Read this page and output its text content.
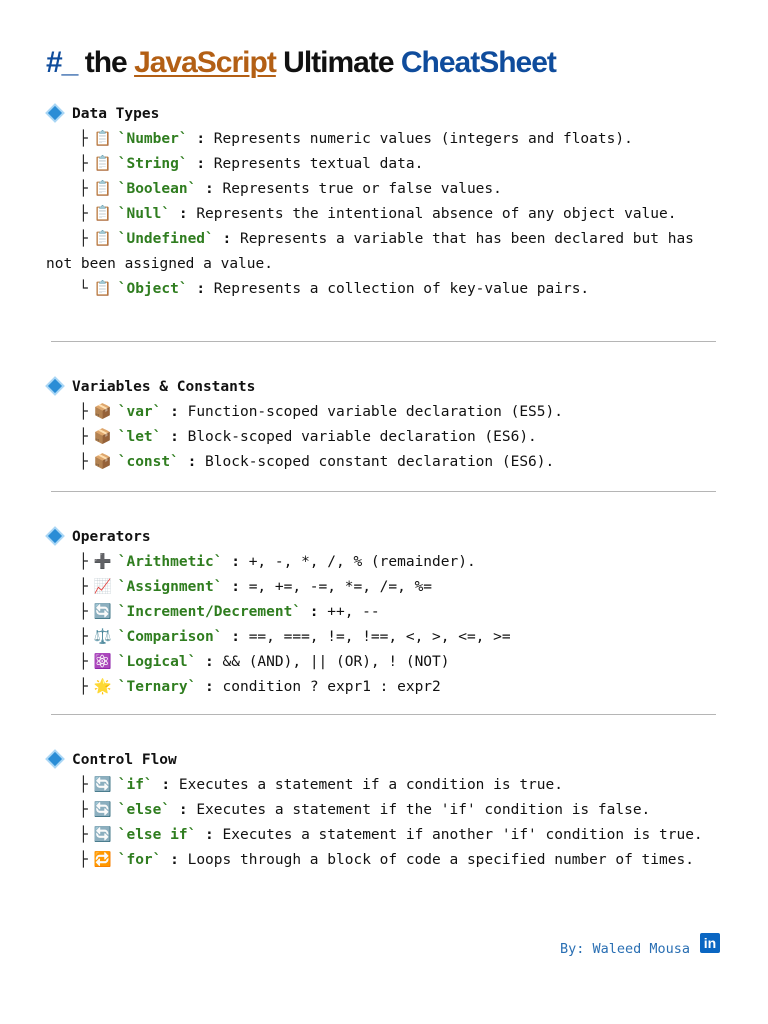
#_ the JavaScript Ultimate CheatSheet
Data Types
├ 📋 `Number` : Represents numeric values (integers and floats).
├ 📋 `String` : Represents textual data.
├ 📋 `Boolean` : Represents true or false values.
├ 📋 `Null` : Represents the intentional absence of any object value.
├ 📋 `Undefined` : Represents a variable that has been declared but has not been assigned a value.
└ 📋 `Object` : Represents a collection of key-value pairs.
Variables & Constants
├ 📦 `var` : Function-scoped variable declaration (ES5).
├ 📦 `let` : Block-scoped variable declaration (ES6).
├ 📦 `const` : Block-scoped constant declaration (ES6).
Operators
├ ➕ `Arithmetic` : +, -, *, /, % (remainder).
├ 📈 `Assignment` : =, +=, -=, *=, /=, %=
├ 🔄 `Increment/Decrement` : ++, --
├ ⚖️ `Comparison` : ==, ===, !=, !==, <, >, <=, >=
├ ⚛️ `Logical` : && (AND), || (OR), ! (NOT)
├ 🌟 `Ternary` : condition ? expr1 : expr2
Control Flow
├ 🔄 `if` : Executes a statement if a condition is true.
├ 🔄 `else` : Executes a statement if the 'if' condition is false.
├ 🔄 `else if` : Executes a statement if another 'if' condition is true.
├ 🔁 `for` : Loops through a block of code a specified number of times.
By: Waleed Mousa in
